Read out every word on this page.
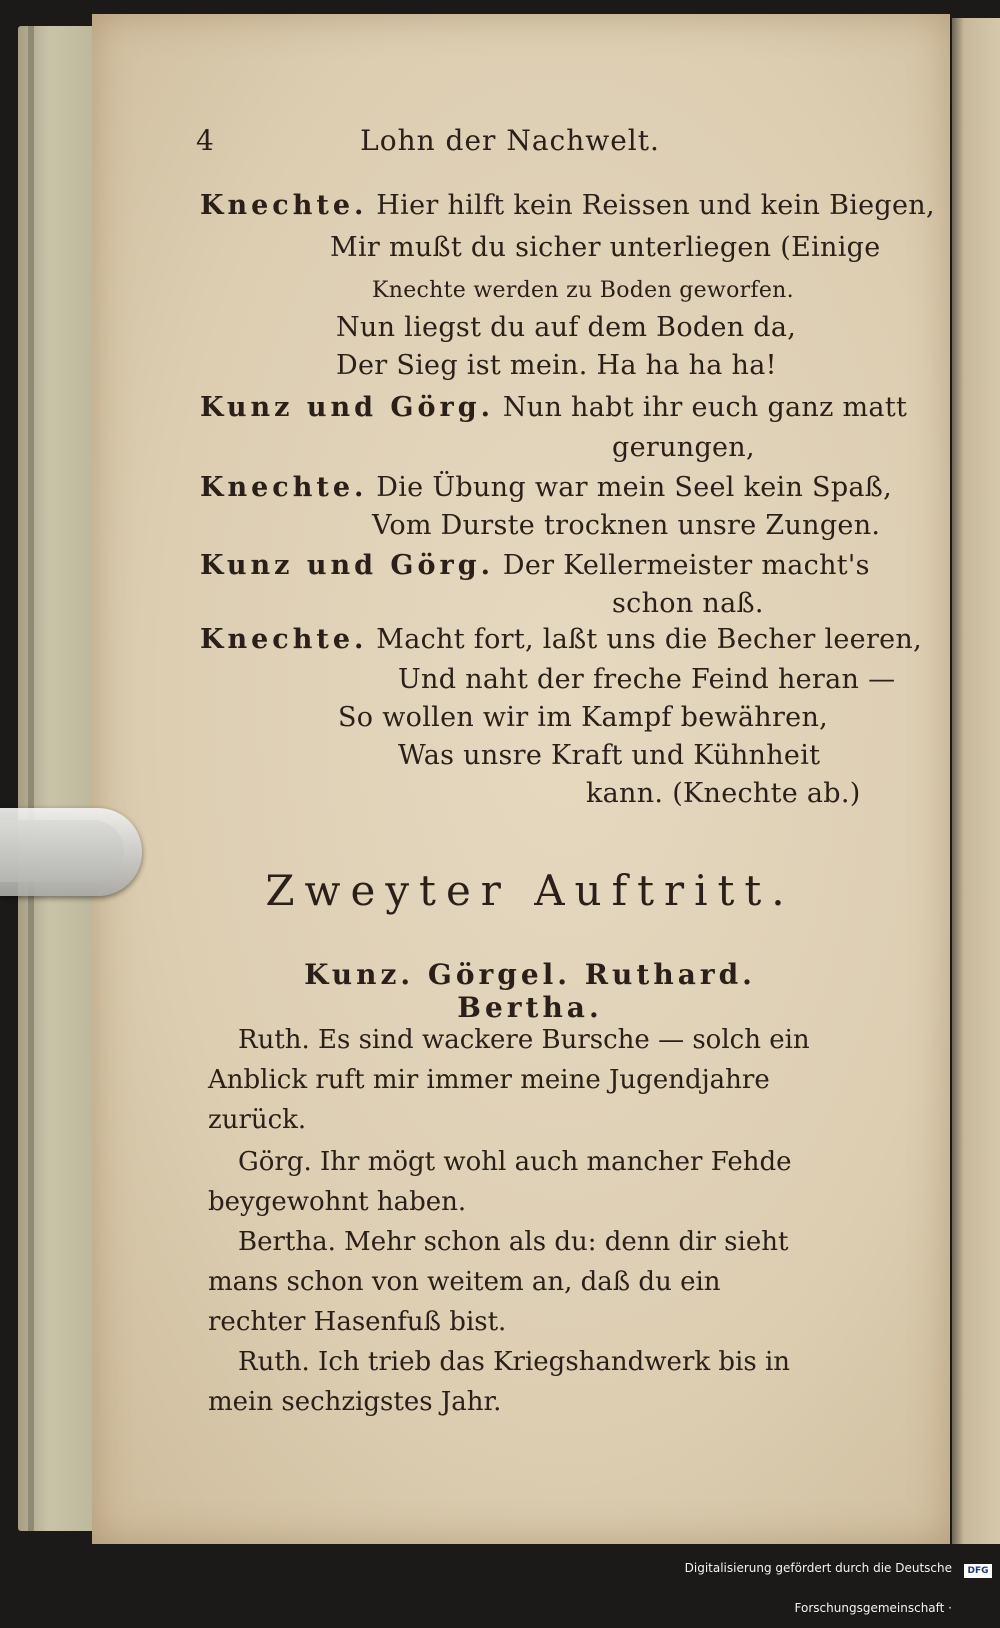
4	Lohn der Nachwelt.
Knechte. Hier hilft kein Reissen und kein Biegen,
Mir mußt du sicher unterliegen (Einige
Knechte werden zu Boden geworfen.
Nun liegst du auf dem Boden da,
Der Sieg ist mein. Ha ha ha ha!
Kunz und Görg. Nun habt ihr euch ganz matt
gerungen,
Knechte. Die Übung war mein Seel kein Spaß,
Vom Durste trocknen unsre Zungen.
Kunz und Görg. Der Kellermeister macht's
schon naß.
Knechte. Macht fort, laßt uns die Becher leeren,
Und naht der freche Feind heran —
So wollen wir im Kampf bewähren,
Was unsre Kraft und Kühnheit
kann. (Knechte ab.)
Zweyter Auftritt.
Kunz. Görgel. Ruthard. Bertha.
Ruth. Es sind wackere Bursche — solch ein Anblick ruft mir immer meine Jugendjahre zurück.
Görg. Ihr mögt wohl auch mancher Fehde beygewohnt haben.
Bertha. Mehr schon als du: denn dir sieht mans schon von weitem an, daß du ein rechter Hasenfuß bist.
Ruth. Ich trieb das Kriegshandwerk bis in mein sechzigstes Jahr.
Digitalisierung gefördert durch die Deutsche Forschungsgemeinschaft ·
DFG
